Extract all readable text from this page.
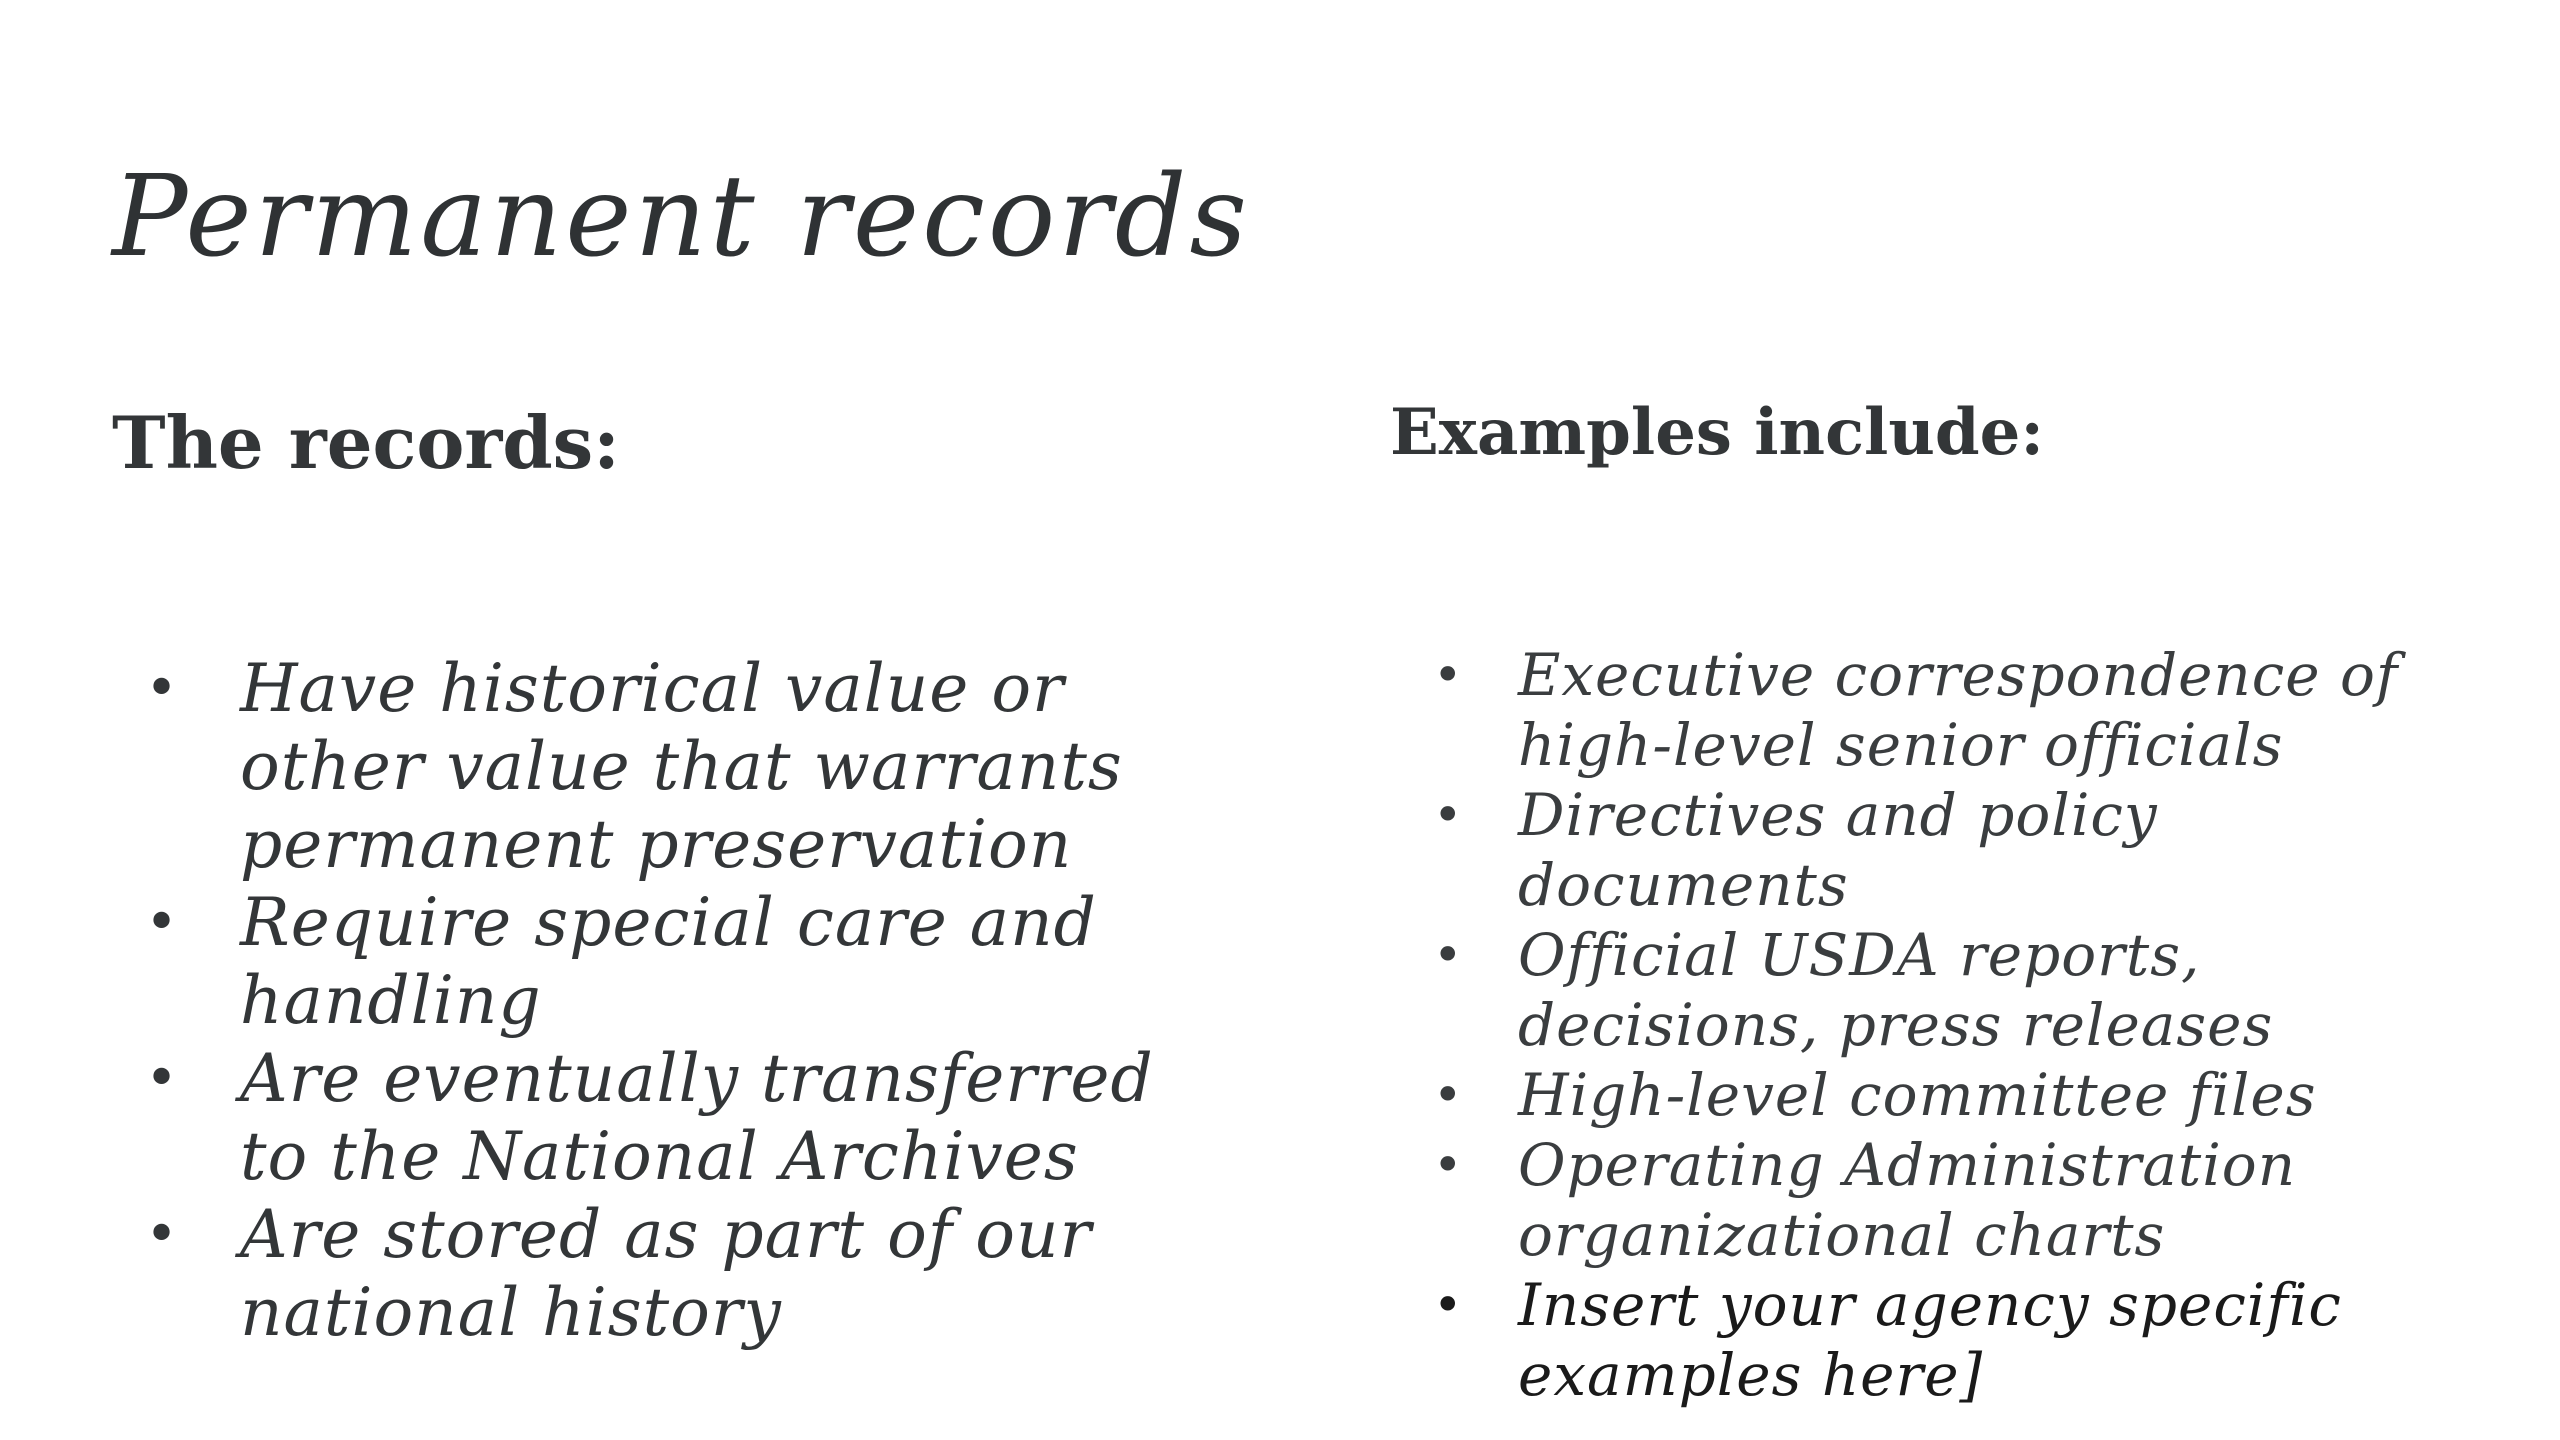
Permanent records
The records:
• Have historical value or
other value that warrants
permanent preservation
• Require special care and
handling
• Are eventually transferred
to the National Archives
• Are stored as part of our
national history
Examples include:
• Executive correspondence of
high-level senior officials
• Directives and policy
documents
• Official USDA reports,
decisions, press releases
• High-level committee files
• Operating Administration
organizational charts
• Insert your agency specific
examples here]
